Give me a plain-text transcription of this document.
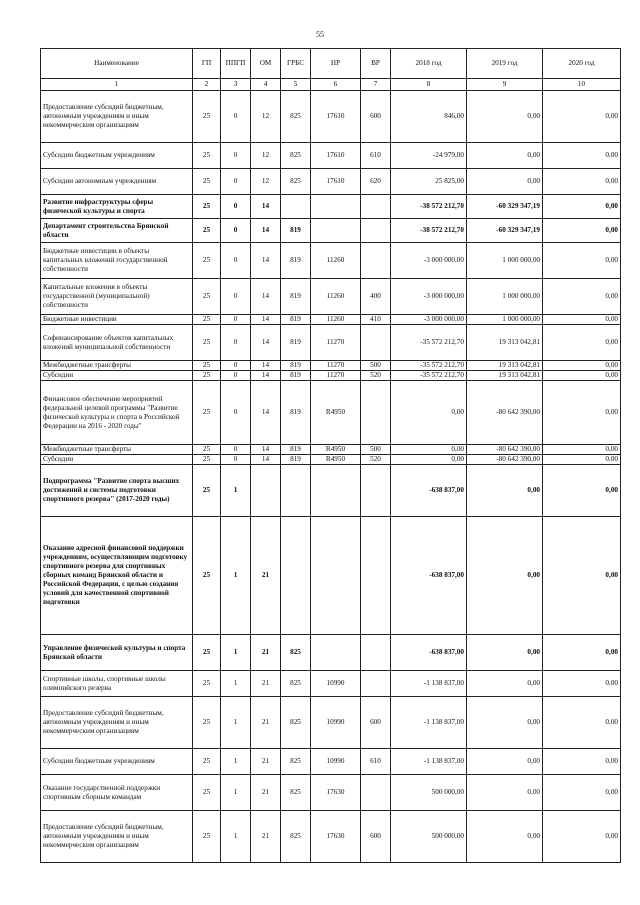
55
Наименование	ГП	ППГП	ОМ	ГРБС	НР	ВР	2018 год	2019 год	2020 год
1	2	3	4	5	6	7	8	9	10
Предоставление субсидий бюджетным, автономным учреждениям и иным некоммерческим организациям	25	0	12	825	17610	600	846,00	0,00	0,00
Субсидии бюджетным учреждениям	25	0	12	825	17610	610	-24 979,00	0,00	0,00
Субсидии автономным учреждениям	25	0	12	825	17610	620	25 825,00	0,00	0,00
Развитие инфраструктуры сферы физической культуры и спорта	25	0	14				-38 572 212,70	-60 329 347,19	0,00
Департамент строительства Брянской области	25	0	14	819			-38 572 212,70	-60 329 347,19	0,00
Бюджетные инвестиции в объекты капитальных вложений государственной собственности	25	0	14	819	11260		-3 000 000,00	1 000 000,00	0,00
Капитальные вложения в объекты государственной (муниципальной) собственности	25	0	14	819	11260	400	-3 000 000,00	1 000 000,00	0,00
Бюджетные инвестиции	25	0	14	819	11260	410	-3 000 000,00	1 000 000,00	0,00
Софинансирование объектов капитальных вложений муниципальной собственности	25	0	14	819	11270		-35 572 212,70	19 313 042,81	0,00
Межбюджетные трансферты	25	0	14	819	11270	500	-35 572 212,70	19 313 042,81	0,00
Субсидии	25	0	14	819	11270	520	-35 572 212,70	19 313 042,81	0,00
Финансовое обеспечение мероприятий федеральной целевой программы "Развитие физической культуры и спорта в Российской Федерации на 2016 - 2020 годы"	25	0	14	819	R4950		0,00	-80 642 390,00	0,00
Межбюджетные трансферты	25	0	14	819	R4950	500	0,00	-80 642 390,00	0,00
Субсидии	25	0	14	819	R4950	520	0,00	-80 642 390,00	0,00
Подпрограмма "Развитие спорта высших достижений и системы подготовки спортивного резерва" (2017-2020 годы)	25	1					-638 837,00	0,00	0,00
Оказание адресной финансовой поддержки учреждениям, осуществляющим подготовку спортивного резерва для спортивных сборных команд Брянской области и Российской Федерации, с целью создания условий для качественной спортивной подготовки	25	1	21				-638 837,00	0,00	0,00
Управление физической культуры и спорта Брянской области	25	1	21	825			-638 837,00	0,00	0,00
Спортивные школы, спортивные школы олимпийского резерва	25	1	21	825	10990		-1 138 837,00	0,00	0,00
Предоставление субсидий бюджетным, автономным учреждениям и иным некоммерческим организациям	25	1	21	825	10990	600	-1 138 837,00	0,00	0,00
Субсидии бюджетным учреждениям	25	1	21	825	10990	610	-1 138 837,00	0,00	0,00
Оказание государственной поддержки спортивным сборным командам	25	1	21	825	17630		500 000,00	0,00	0,00
Предоставление субсидий бюджетным, автономным учреждениям и иным некоммерческим организациям	25	1	21	825	17630	600	500 000,00	0,00	0,00
